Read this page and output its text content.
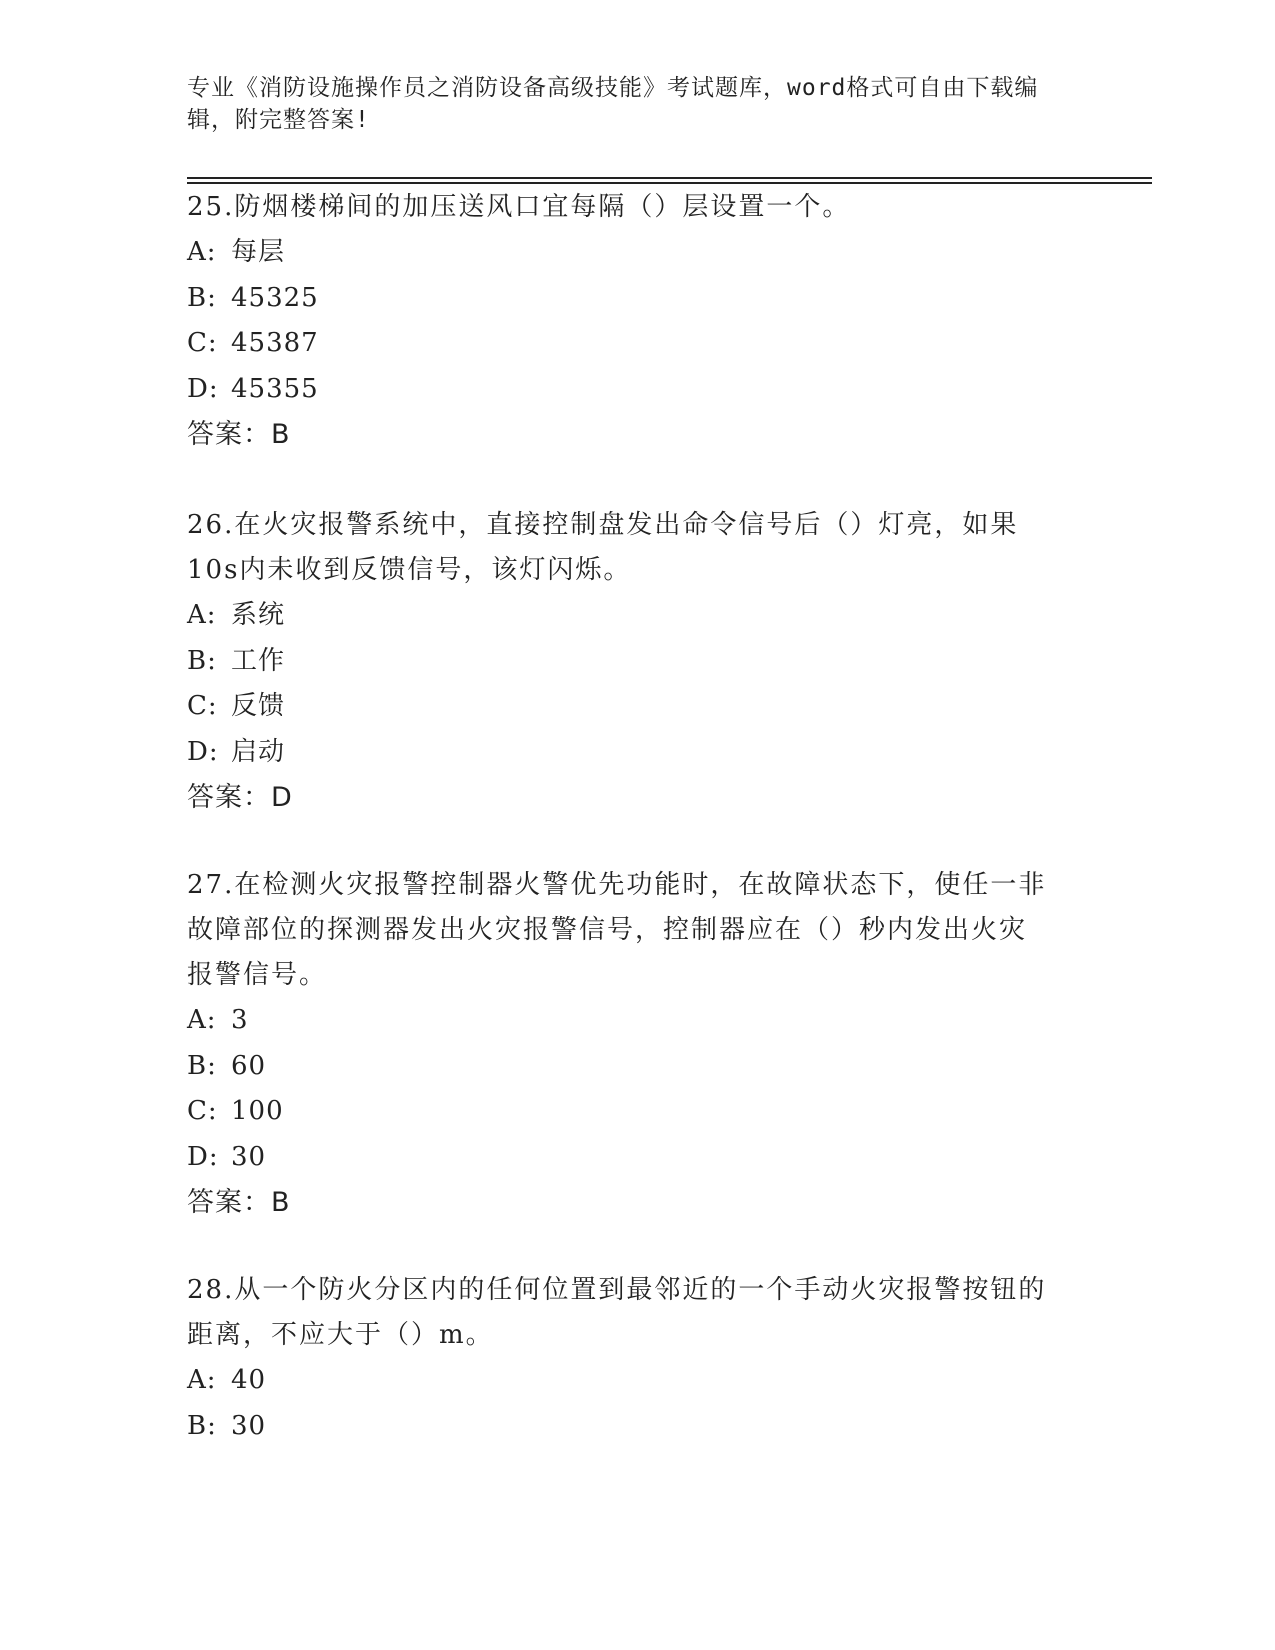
专业《消防设施操作员之消防设备高级技能》考试题库，word格式可自由下载编
辑，附完整答案!
25.防烟楼梯间的加压送风口宜每隔（）层设置一个。
A: 每层
B: 45325
C: 45387
D: 45355
答案：B
26.在火灾报警系统中，直接控制盘发出命令信号后（）灯亮，如果
10s内未收到反馈信号，该灯闪烁。
A: 系统
B: 工作
C: 反馈
D: 启动
答案：D
27.在检测火灾报警控制器火警优先功能时，在故障状态下，使任一非
故障部位的探测器发出火灾报警信号，控制器应在（）秒内发出火灾
报警信号。
A: 3
B: 60
C: 100
D: 30
答案：B
28.从一个防火分区内的任何位置到最邻近的一个手动火灾报警按钮的
距离，不应大于（）m。
A: 40
B: 30
